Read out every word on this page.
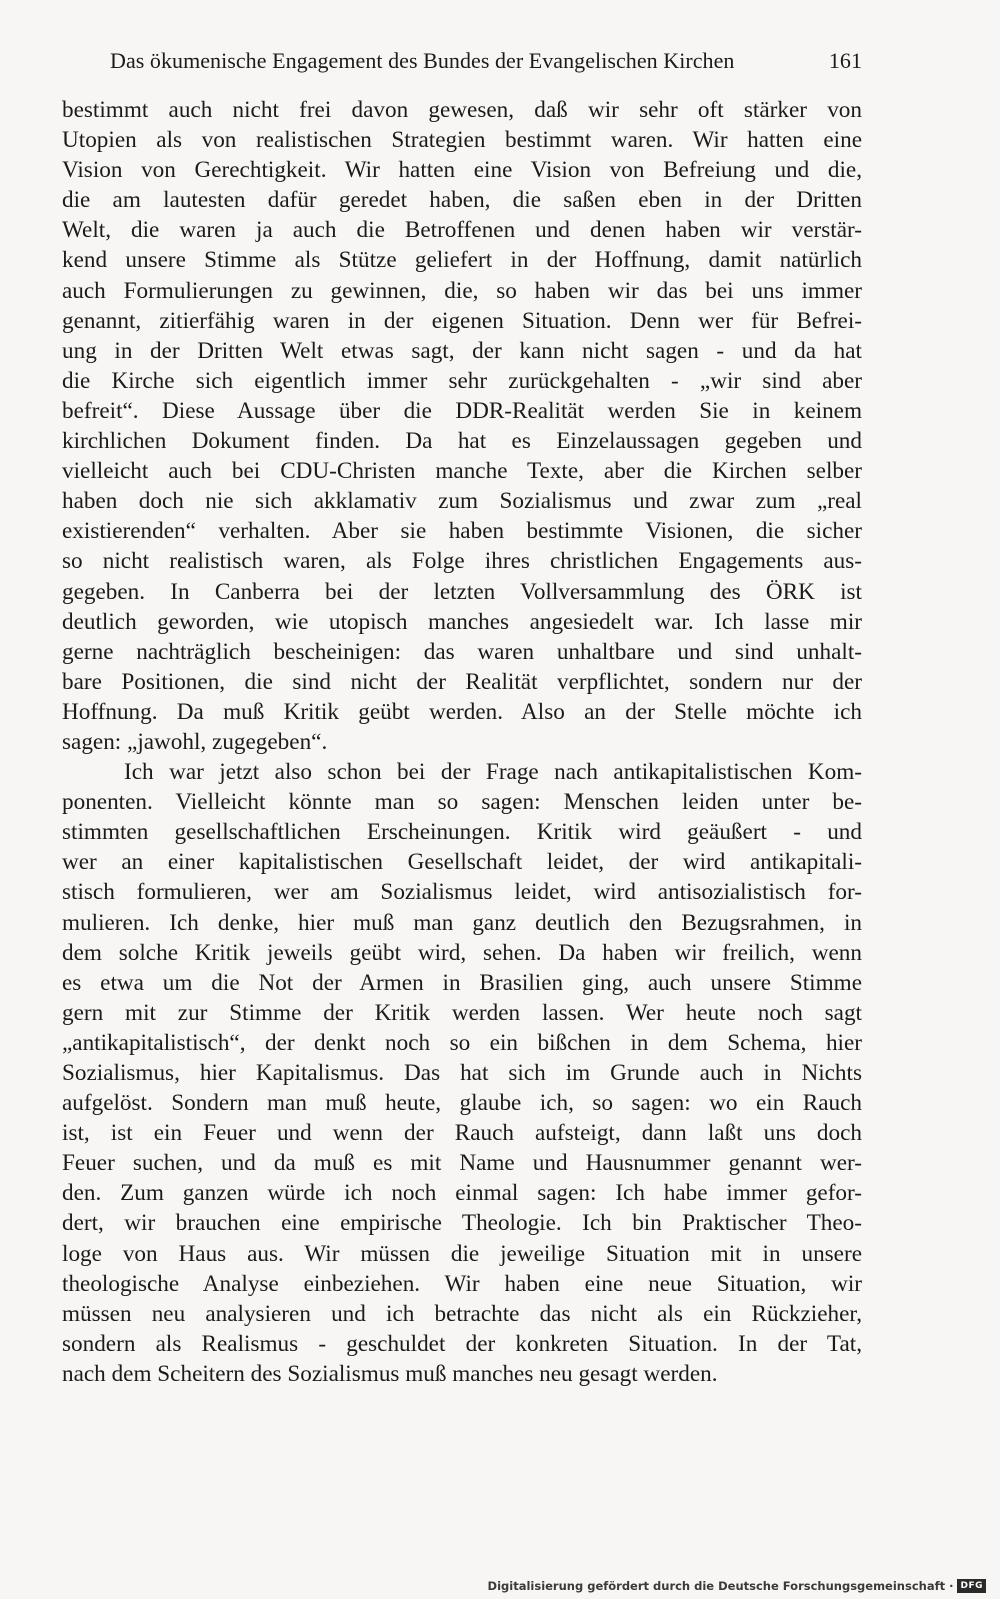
Das ökumenische Engagement des Bundes der Evangelischen Kirchen	161
bestimmt auch nicht frei davon gewesen, daß wir sehr oft stärker von
Utopien als von realistischen Strategien bestimmt waren. Wir hatten eine
Vision von Gerechtigkeit. Wir hatten eine Vision von Befreiung und die,
die am lautesten dafür geredet haben, die saßen eben in der Dritten
Welt, die waren ja auch die Betroffenen und denen haben wir verstär-
kend unsere Stimme als Stütze geliefert in der Hoffnung, damit natürlich
auch Formulierungen zu gewinnen, die, so haben wir das bei uns immer
genannt, zitierfähig waren in der eigenen Situation. Denn wer für Befrei-
ung in der Dritten Welt etwas sagt, der kann nicht sagen - und da hat
die Kirche sich eigentlich immer sehr zurückgehalten - „wir sind aber
befreit“. Diese Aussage über die DDR-Realität werden Sie in keinem
kirchlichen Dokument finden. Da hat es Einzelaussagen gegeben und
vielleicht auch bei CDU-Christen manche Texte, aber die Kirchen selber
haben doch nie sich akklamativ zum Sozialismus und zwar zum „real
existierenden“ verhalten. Aber sie haben bestimmte Visionen, die sicher
so nicht realistisch waren, als Folge ihres christlichen Engagements aus-
gegeben. In Canberra bei der letzten Vollversammlung des ÖRK ist
deutlich geworden, wie utopisch manches angesiedelt war. Ich lasse mir
gerne nachträglich bescheinigen: das waren unhaltbare und sind unhalt-
bare Positionen, die sind nicht der Realität verpflichtet, sondern nur der
Hoffnung. Da muß Kritik geübt werden. Also an der Stelle möchte ich
sagen: „jawohl, zugegeben“.
Ich war jetzt also schon bei der Frage nach antikapitalistischen Kom-
ponenten. Vielleicht könnte man so sagen: Menschen leiden unter be-
stimmten gesellschaftlichen Erscheinungen. Kritik wird geäußert - und
wer an einer kapitalistischen Gesellschaft leidet, der wird antikapitali-
stisch formulieren, wer am Sozialismus leidet, wird antisozialistisch for-
mulieren. Ich denke, hier muß man ganz deutlich den Bezugsrahmen, in
dem solche Kritik jeweils geübt wird, sehen. Da haben wir freilich, wenn
es etwa um die Not der Armen in Brasilien ging, auch unsere Stimme
gern mit zur Stimme der Kritik werden lassen. Wer heute noch sagt
„antikapitalistisch“, der denkt noch so ein bißchen in dem Schema, hier
Sozialismus, hier Kapitalismus. Das hat sich im Grunde auch in Nichts
aufgelöst. Sondern man muß heute, glaube ich, so sagen: wo ein Rauch
ist, ist ein Feuer und wenn der Rauch aufsteigt, dann laßt uns doch
Feuer suchen, und da muß es mit Name und Hausnummer genannt wer-
den. Zum ganzen würde ich noch einmal sagen: Ich habe immer gefor-
dert, wir brauchen eine empirische Theologie. Ich bin Praktischer Theo-
loge von Haus aus. Wir müssen die jeweilige Situation mit in unsere
theologische Analyse einbeziehen. Wir haben eine neue Situation, wir
müssen neu analysieren und ich betrachte das nicht als ein Rückzieher,
sondern als Realismus - geschuldet der konkreten Situation. In der Tat,
nach dem Scheitern des Sozialismus muß manches neu gesagt werden.
Digitalisierung gefördert durch die Deutsche Forschungsgemeinschaft · DFG
